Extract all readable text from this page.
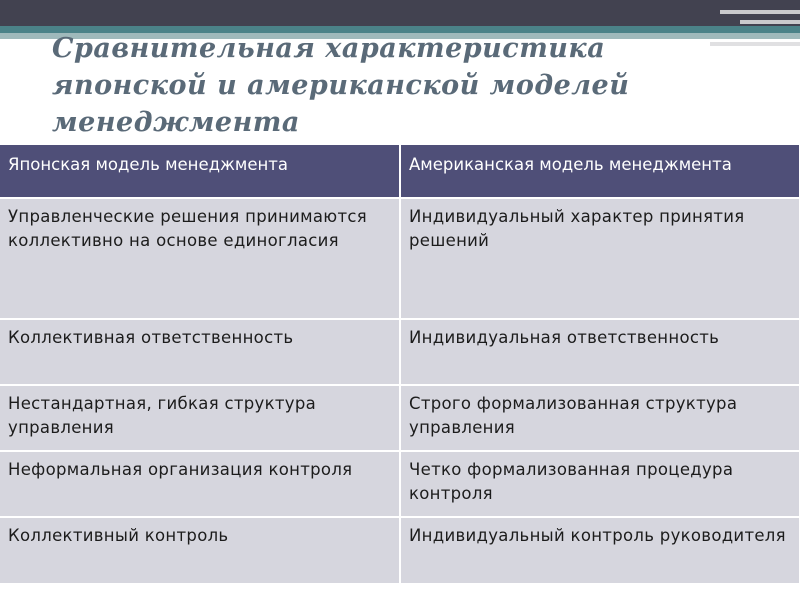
Сравнительная характеристика
японской и американской моделей
менеджмента
Японская модель менеджмента	Американская модель менеджмента
Управленческие решения принимаются коллективно на основе единогласия	Индивидуальный характер принятия решений
Коллективная ответственность	Индивидуальная ответственность
Нестандартная, гибкая структура управления	Строго формализованная структура управления
Неформальная организация контроля	Четко формализованная процедура контроля
Коллективный контроль	Индивидуальный контроль руководителя
